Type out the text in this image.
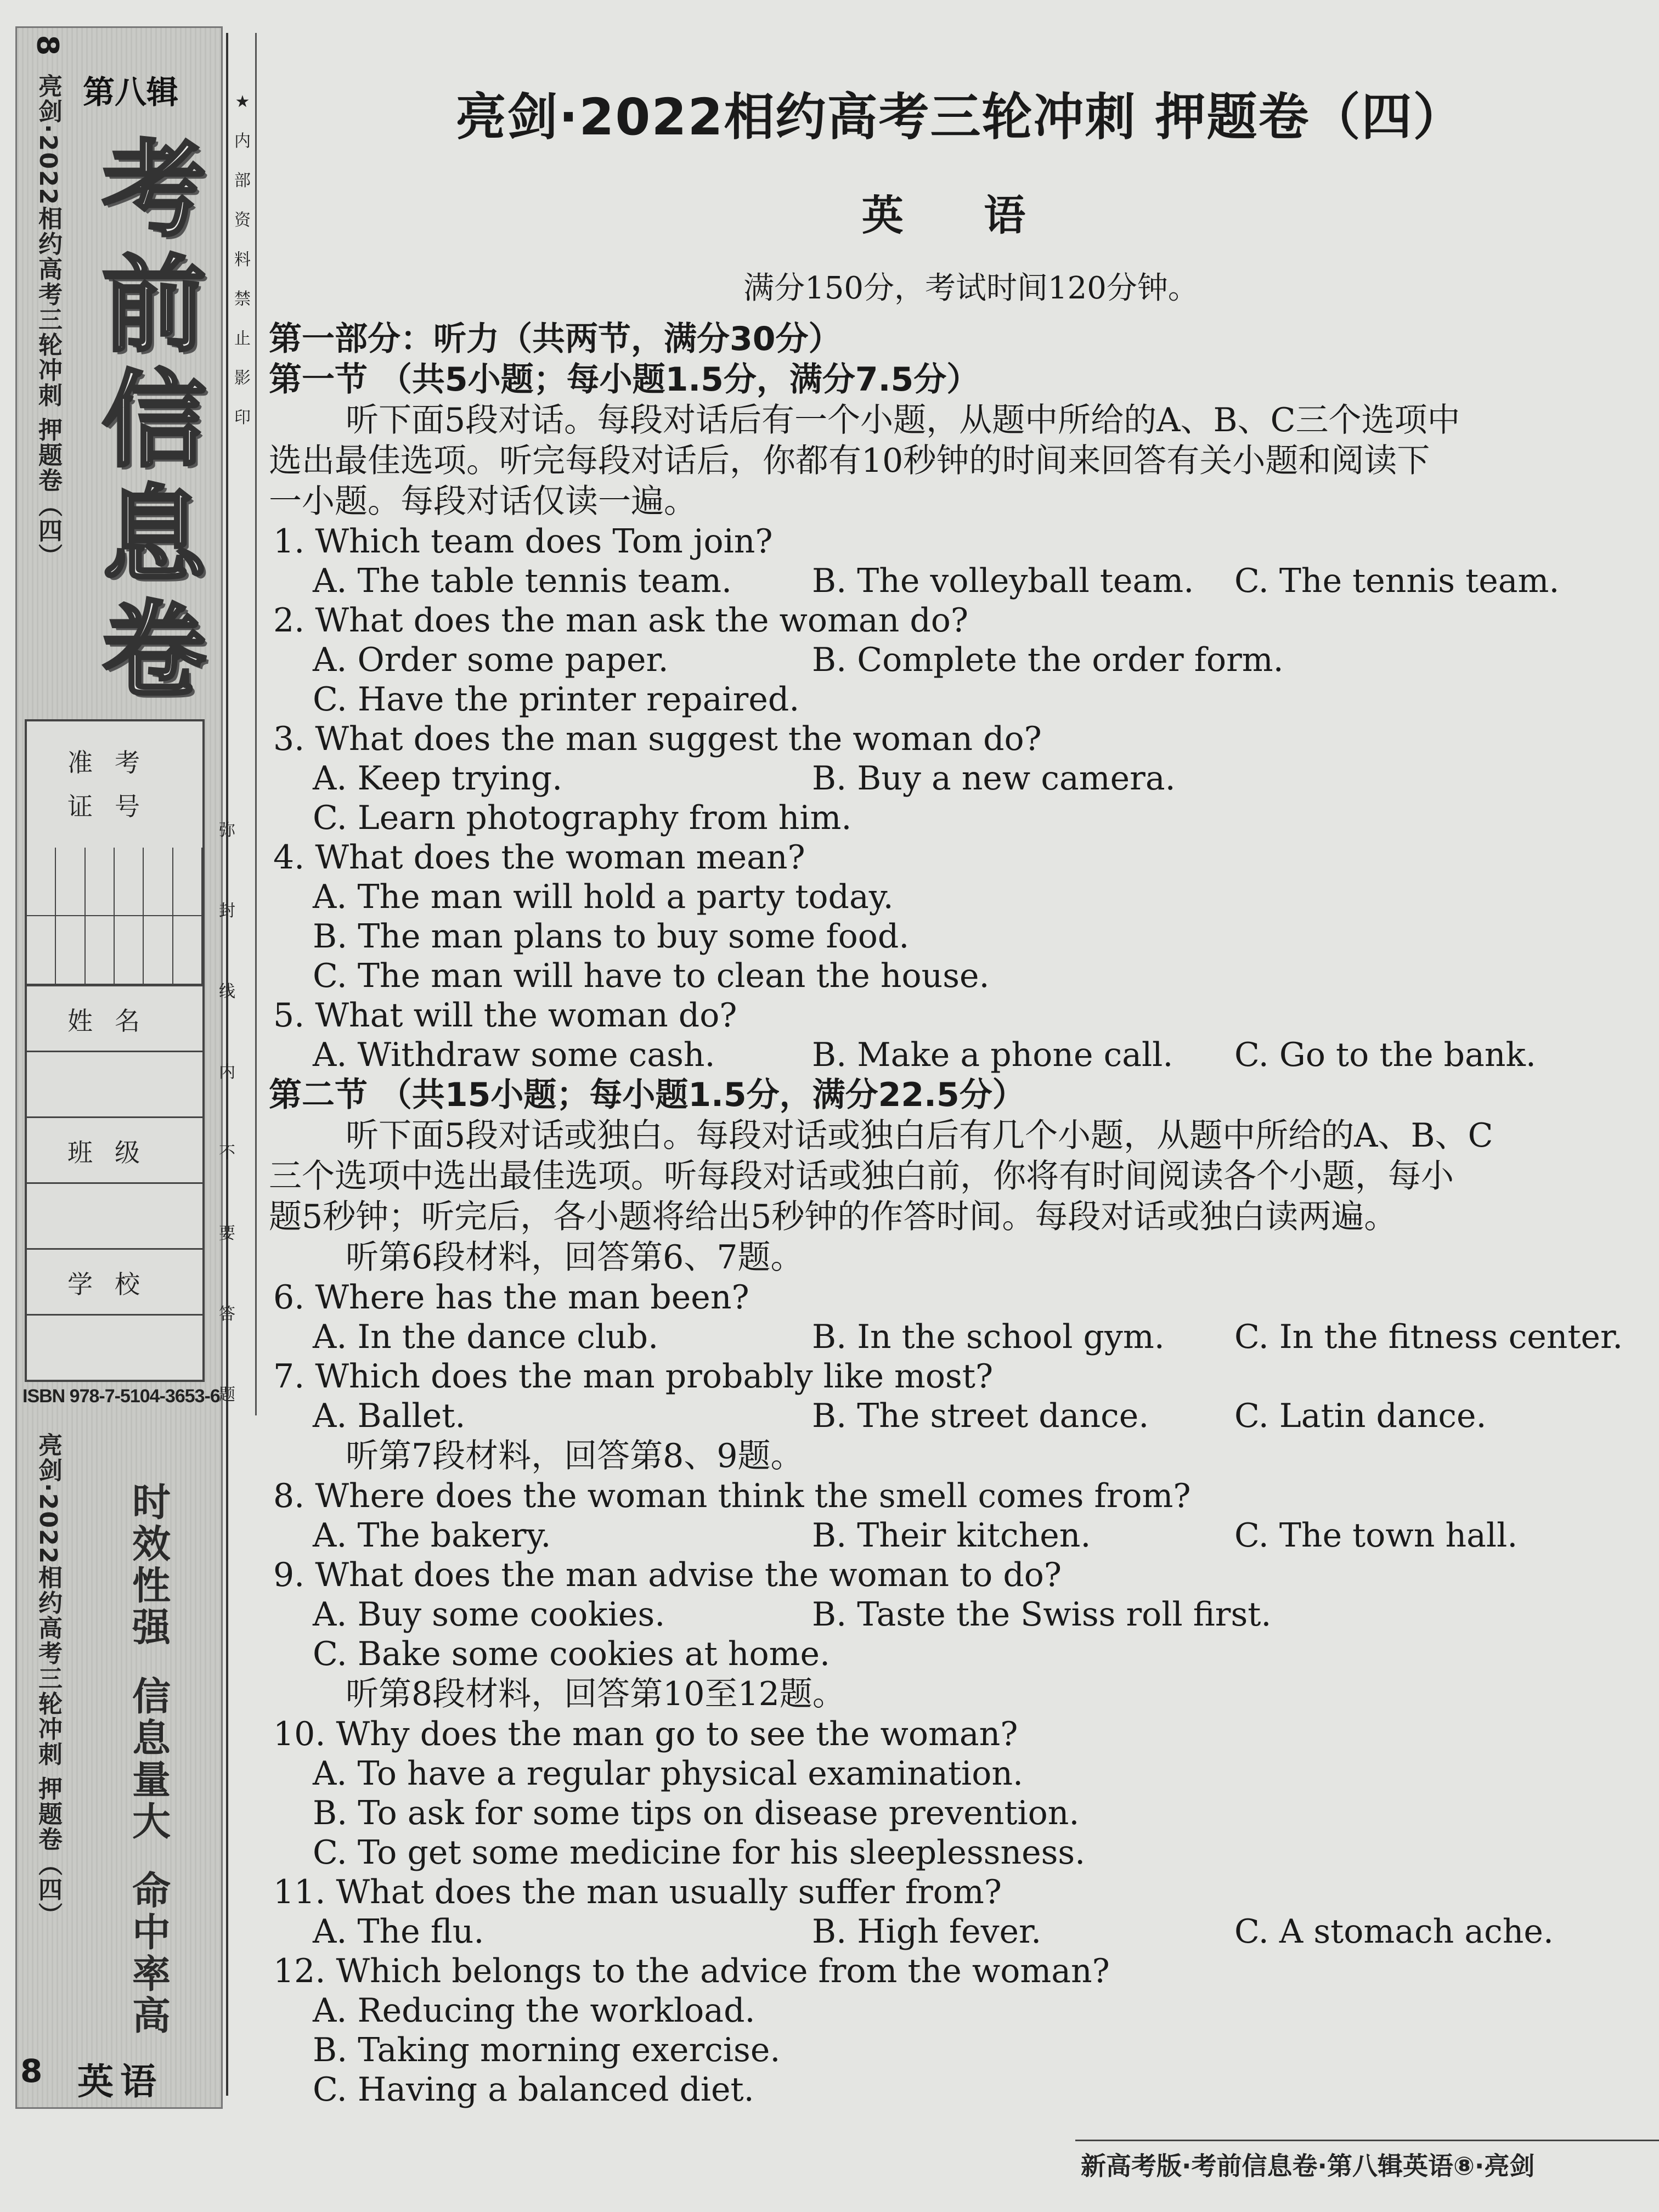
8
亮剑·2022相约高考三轮冲刺 押题卷（四） 第八辑
考
前
信
息
卷
准考证号
姓名
班级
学校
ISBN 978-7-5104-3653-6
亮剑·2022相约高考三轮冲刺 押题卷（四） 时效性强
信息量大
命中率高
8 英语
★
内
部
资
料
禁
止
影
印
弥
封
线
内
不
要
答
题
亮剑·2022相约高考三轮冲刺 押题卷（四）
英 语
满分150分，考试时间120分钟。
第一部分：听力（共两节，满分30分）
第一节 （共5小题；每小题1.5分，满分7.5分）
听下面5段对话。每段对话后有一个小题，从题中所给的A、B、C三个选项中
选出最佳选项。听完每段对话后，你都有10秒钟的时间来回答有关小题和阅读下
一小题。每段对话仅读一遍。
1. Which team does Tom join?
A. The table tennis team.	B. The volleyball team.	C. The tennis team.
2. What does the man ask the woman do?
A. Order some paper.	B. Complete the order form.
C. Have the printer repaired.
3. What does the man suggest the woman do?
A. Keep trying.	B. Buy a new camera.
C. Learn photography from him.
4. What does the woman mean?
A. The man will hold a party today.
B. The man plans to buy some food.
C. The man will have to clean the house.
5. What will the woman do?
A. Withdraw some cash.	B. Make a phone call.	C. Go to the bank.
第二节 （共15小题；每小题1.5分，满分22.5分）
听下面5段对话或独白。每段对话或独白后有几个小题，从题中所给的A、B、C
三个选项中选出最佳选项。听每段对话或独白前，你将有时间阅读各个小题，每小
题5秒钟；听完后，各小题将给出5秒钟的作答时间。每段对话或独白读两遍。
听第6段材料，回答第6、7题。
6. Where has the man been?
A. In the dance club.	B. In the school gym.	C. In the fitness center.
7. Which does the man probably like most?
A. Ballet.	B. The street dance.	C. Latin dance.
听第7段材料，回答第8、9题。
8. Where does the woman think the smell comes from?
A. The bakery.	B. Their kitchen.	C. The town hall.
9. What does the man advise the woman to do?
A. Buy some cookies.	B. Taste the Swiss roll first.
C. Bake some cookies at home.
听第8段材料，回答第10至12题。
10. Why does the man go to see the woman?
A. To have a regular physical examination.
B. To ask for some tips on disease prevention.
C. To get some medicine for his sleeplessness.
11. What does the man usually suffer from?
A. The flu.	B. High fever.	C. A stomach ache.
12. Which belongs to the advice from the woman?
A. Reducing the workload.
B. Taking morning exercise.
C. Having a balanced diet.
新高考版·考前信息卷·第八辑英语⑧·亮剑
